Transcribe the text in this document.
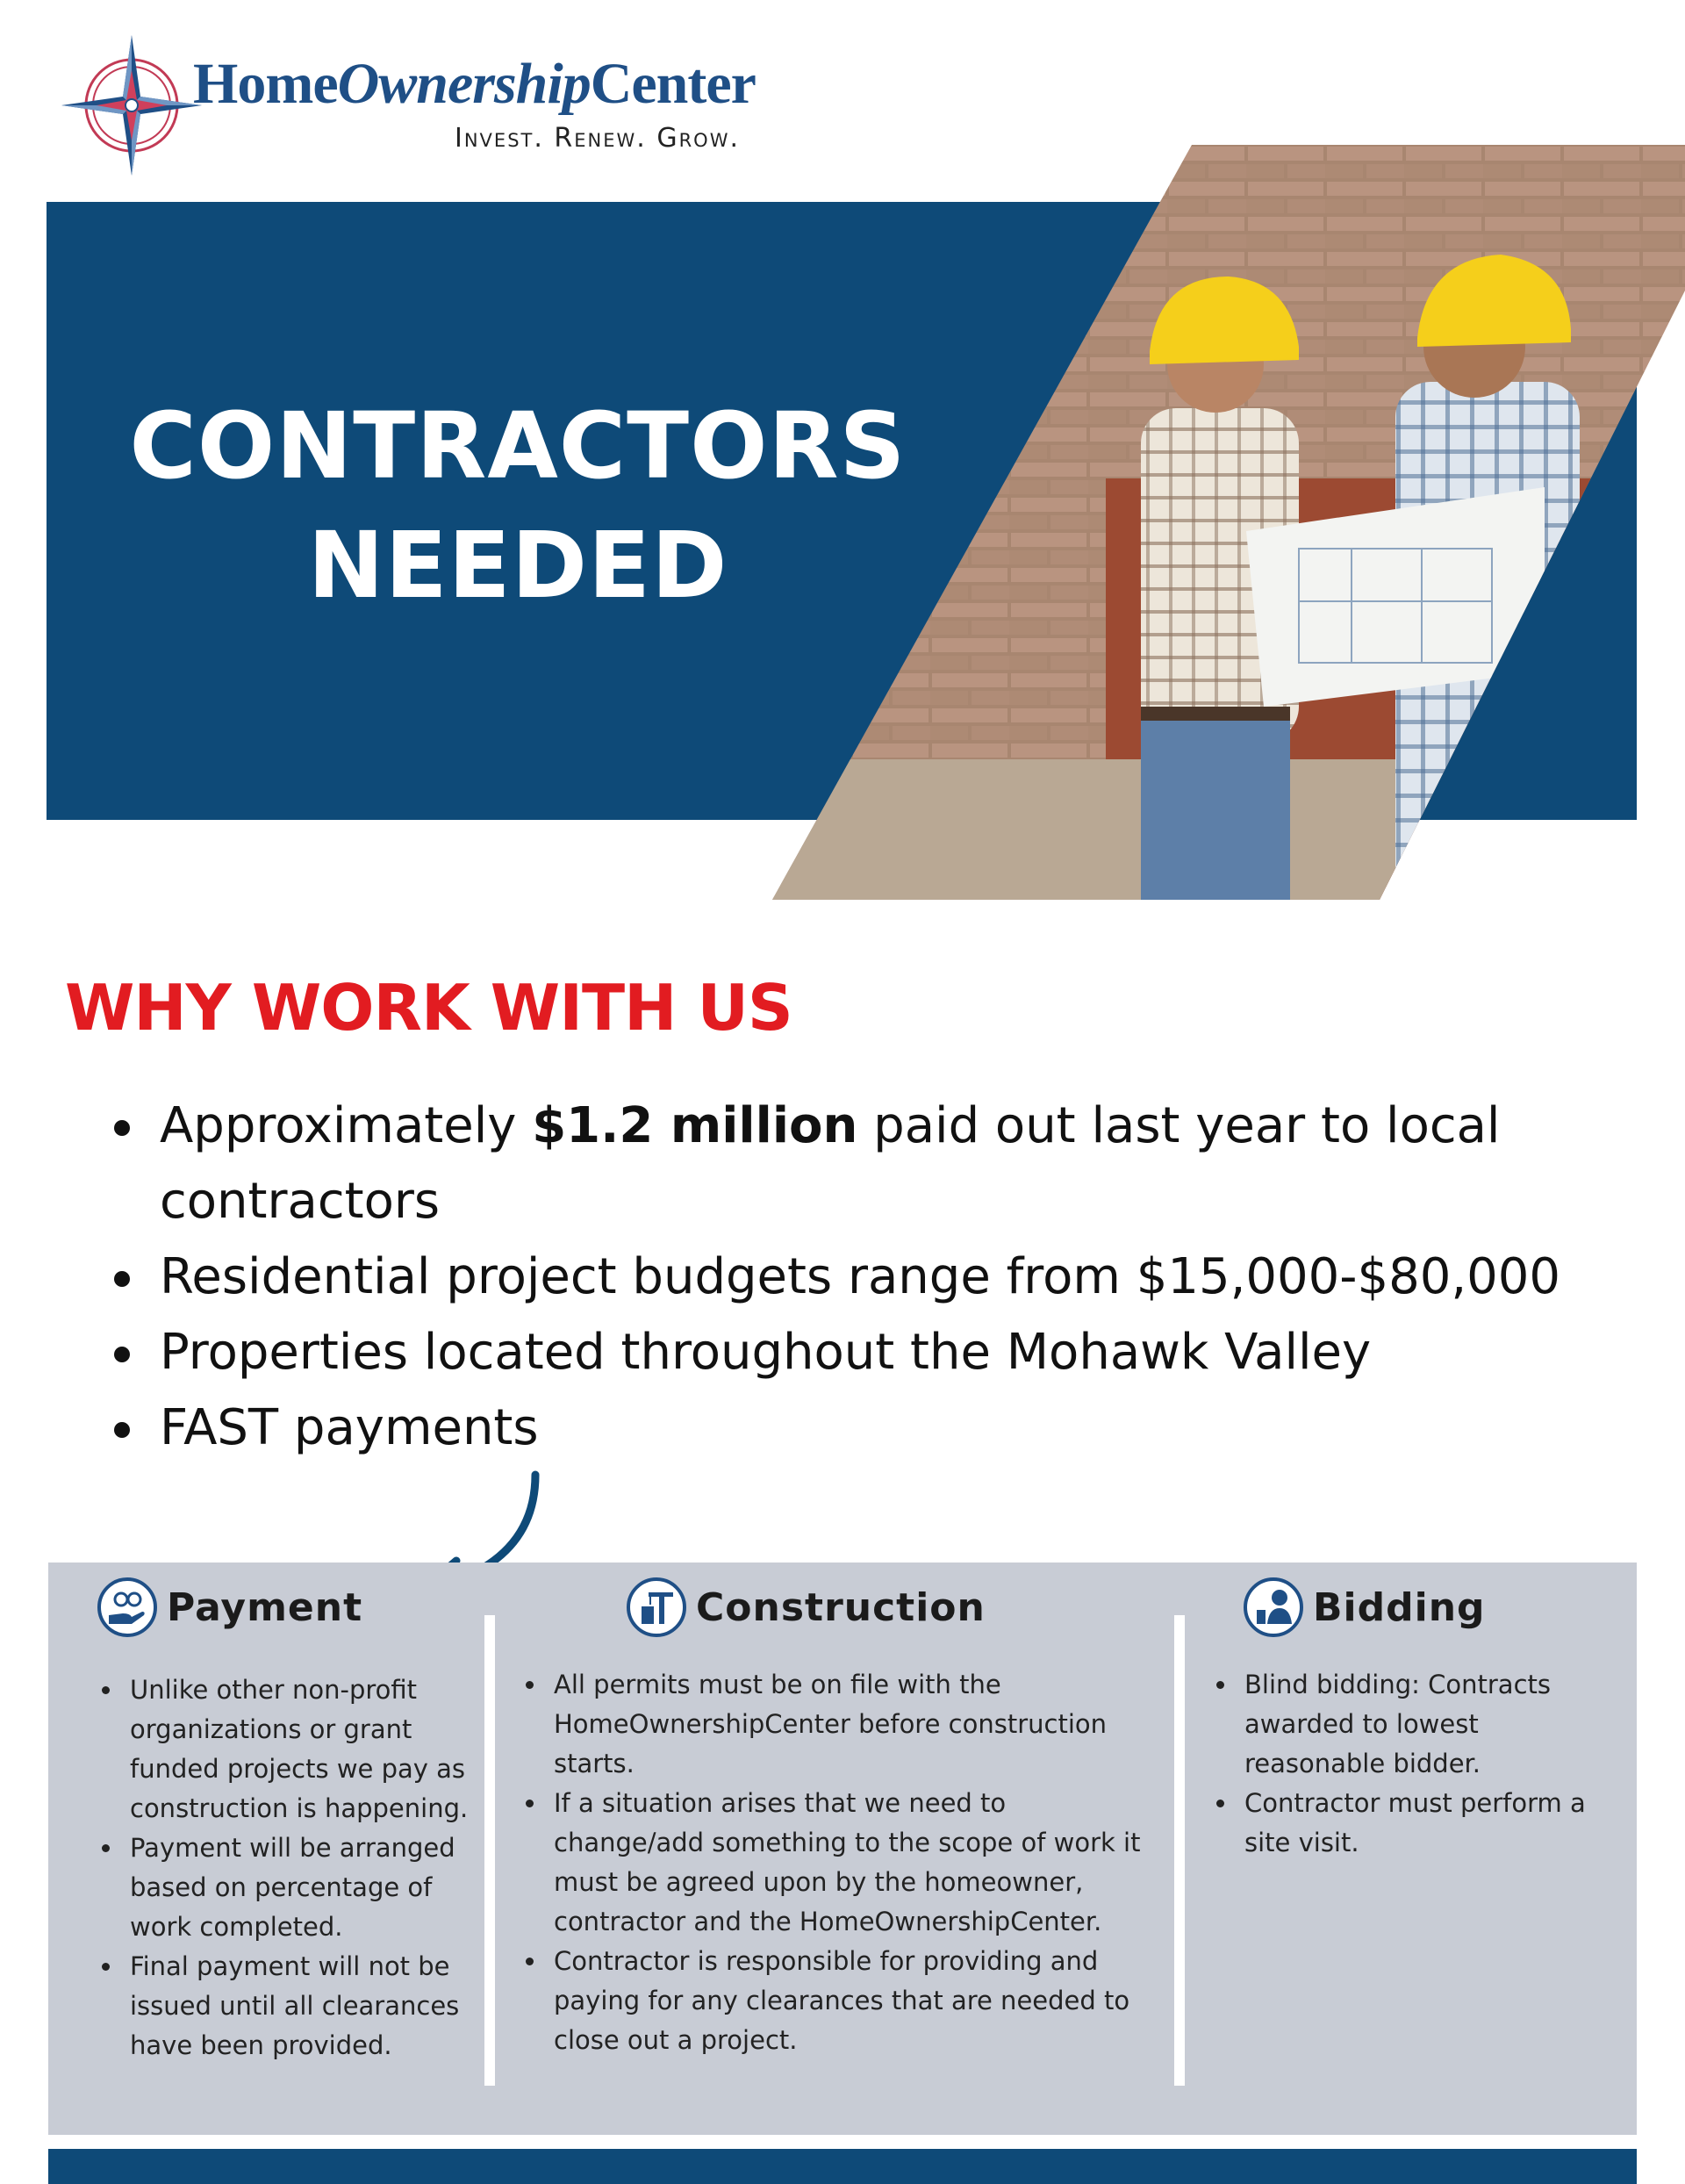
HomeOwnershipCenter
Invest. Renew. Grow.
CONTRACTORS
NEEDED
WHY WORK WITH US
Approximately $1.2 million paid out last year to local contractors
Residential project budgets range from $15,000-$80,000
Properties located throughout the Mohawk Valley
FAST payments
Payment
Unlike other non-profit organizations or grant funded projects we pay as construction is happening.
Payment will be arranged based on percentage of work completed.
Final payment will not be issued until all clearances have been provided.
Construction
All permits must be on file with the HomeOwnershipCenter before construction starts.
If a situation arises that we need to change/add something to the scope of work it must be agreed upon by the homeowner, contractor and the HomeOwnershipCenter.
Contractor is responsible for providing and paying for any clearances that are needed to close out a project.
Bidding
Blind bidding: Contracts awarded to lowest reasonable bidder.
Contractor must perform a site visit.
